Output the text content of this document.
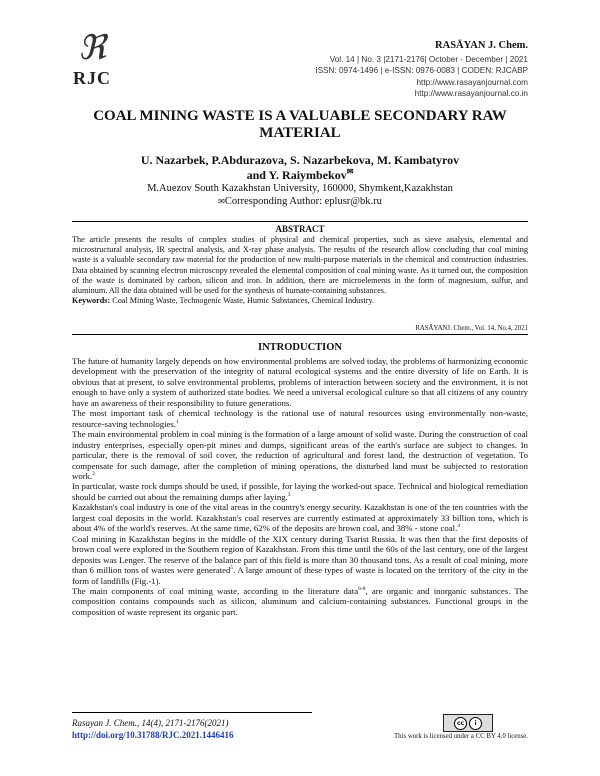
ℜ
RJC
RASĀYAN J. Chem.
Vol. 14 | No. 3 |2171-2176| October - December | 2021
ISSN: 0974-1496 | e-ISSN: 0976-0083 | CODEN: RJCABP
http://www.rasayanjournal.com
http://www.rasayanjournal.co.in
COAL MINING WASTE IS A VALUABLE SECONDARY RAW MATERIAL
U. Nazarbek, P.Abdurazova, S. Nazarbekova, M. Kambatyrov
and Y. Raiymbekov✉
M.Auezov South Kazakhstan University, 160000, Shymkent,Kazakhstan
✉Corresponding Author: eplusr@bk.ru
ABSTRACT
The article presents the results of complex studies of physical and chemical properties, such as sieve analysis, elemental and microstructural analysis, IR spectral analysis, and X-ray phase analysis. The results of the research allow concluding that coal mining waste is a valuable secondary raw material for the production of new multi-purpose materials in the chemical and construction industries. Data obtained by scanning electron microscopy revealed the elemental composition of coal mining waste. As it turned out, the composition of the waste is dominated by carbon, silicon and iron. In addition, there are microelements in the form of magnesium, sulfur, and aluminum. All the data obtained will be used for the synthesis of humate-containing substances.
Keywords: Coal Mining Waste, Technogenic Waste, Humic Substances, Chemical Industry.
RASĀYANJ. Chem., Vol. 14, No.4, 2021
INTRODUCTION

The future of humanity largely depends on how environmental problems are solved today, the problems of harmonizing economic development with the preservation of the integrity of natural ecological systems and the entire diversity of life on Earth. It is obvious that at present, to solve environmental problems, problems of interaction between society and the environment, it is not enough to have only a system of authorized state bodies. We need a universal ecological culture so that all citizens of any country have an awareness of their responsibility to future generations.

The most important task of chemical technology is the rational use of natural resources using environmentally non-waste, resource-saving technologies.$^1$

The main environmental problem in coal mining is the formation of a large amount of solid waste. During the construction of coal industry enterprises, especially open-pit mines and dumps, significant areas of the earth's surface are subject to changes. In particular, there is the removal of soil cover, the reduction of agricultural and forest land, the destruction of vegetation. To compensate for such damage, after the completion of mining operations, the disturbed land must be subjected to restoration work.$^2$

In particular, waste rock dumps should be used, if possible, for laying the worked-out space. Technical and biological remediation should be carried out about the remaining dumps after laying.$^3$

Kazakhstan's coal industry is one of the vital areas in the country's energy security. Kazakhstan is one of the ten countries with the largest coal deposits in the world. Kazakhstan's coal reserves are currently estimated at approximately 33 billion tons, which is about 4% of the world's reserves. At the same time, 62% of the deposits are brown coal, and 38% - stone coal.$^4$

Coal mining in Kazakhstan begins in the middle of the XIX century during Tsarist Russia. It was then that the first deposits of brown coal were explored in the Southern region of Kazakhstan. From this time until the 60s of the last century, one of the largest deposits was Lenger. The reserve of the balance part of this field is more than 30 thousand tons. As a result of coal mining, more than 6 million tons of wastes were generated$^5$. A large amount of these types of waste is located on the territory of the city in the form of landfills (Fig.-1).

The main components of coal mining waste, according to the literature data$^{6-8}$, are organic and inorganic substances. The composition contains compounds such as silicon, aluminum and calcium-containing substances. Functional groups in the composition of waste represent its organic part.

Rasayan J. Chem., 14(4), 2171-2176(2021)
http://doi.org/10.31788/RJC.2021.1446416
cc	i
This work is licensed under a CC BY 4.0 license.
